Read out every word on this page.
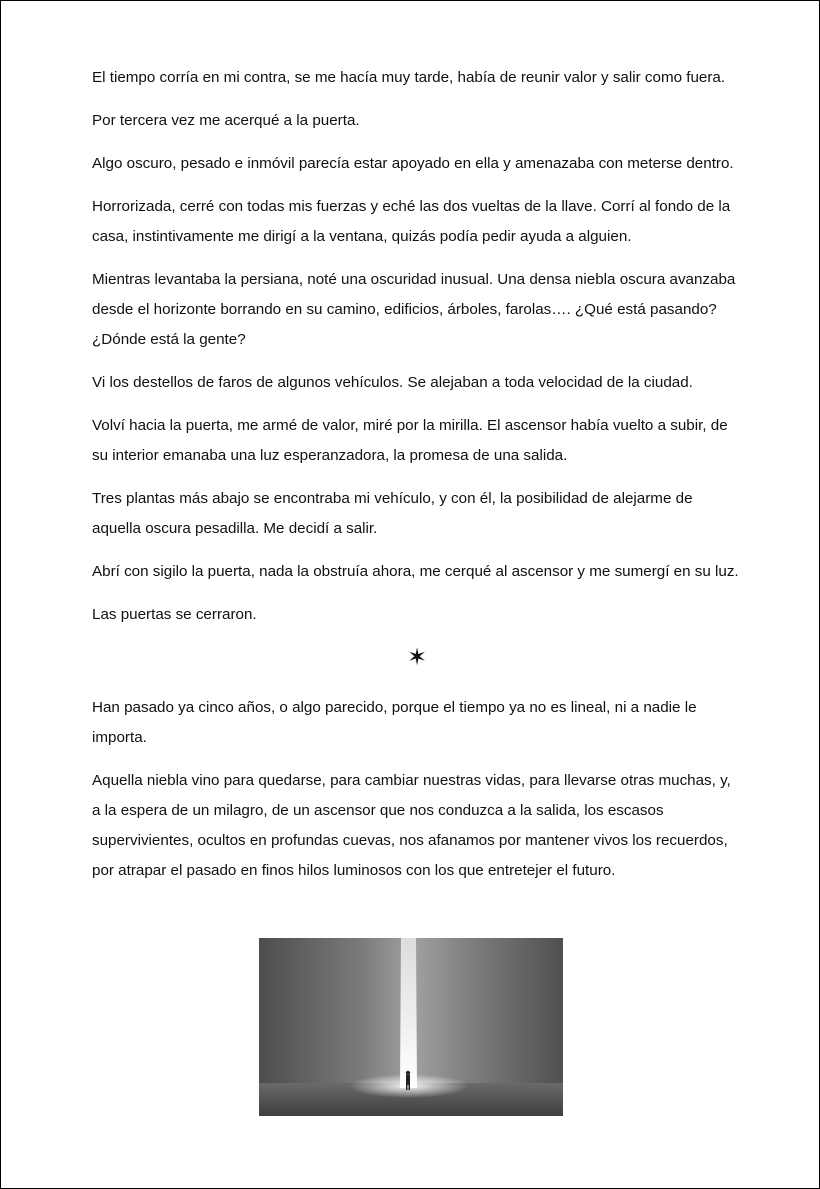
El tiempo corría en mi contra, se me hacía muy tarde, había de reunir valor y salir como fuera.

Por tercera vez me acerqué a la puerta.

Algo oscuro, pesado e inmóvil parecía estar apoyado en ella y amenazaba con meterse dentro.

Horrorizada, cerré con todas mis fuerzas y eché las dos vueltas de la llave. Corrí al fondo de la casa, instintivamente me dirigí a la ventana, quizás podía pedir ayuda a alguien.

Mientras levantaba la persiana, noté una oscuridad inusual. Una densa niebla oscura avanzaba desde el horizonte borrando en su camino, edificios, árboles, farolas…. ¿Qué está pasando? ¿Dónde está la gente?

Vi los destellos de faros de algunos vehículos. Se alejaban a toda velocidad de la ciudad.

Volví hacia la puerta, me armé de valor, miré por la mirilla. El ascensor había vuelto a subir, de su interior emanaba una luz esperanzadora, la promesa de una salida.

Tres plantas más abajo se encontraba mi vehículo, y con él, la posibilidad de alejarme de aquella oscura pesadilla. Me decidí a salir.

Abrí con sigilo la puerta, nada la obstruía ahora, me cerqué al ascensor y me sumergí en su luz.

Las puertas se cerraron.

✶

Han pasado ya cinco años, o algo parecido, porque el tiempo ya no es lineal, ni a nadie le importa.

Aquella niebla vino para quedarse, para cambiar nuestras vidas, para llevarse otras muchas, y, a la espera de un milagro, de un ascensor que nos conduzca a la salida, los escasos supervivientes, ocultos en profundas cuevas, nos afanamos por mantener vivos los recuerdos, por atrapar el pasado en finos hilos luminosos con los que entretejer el futuro.
